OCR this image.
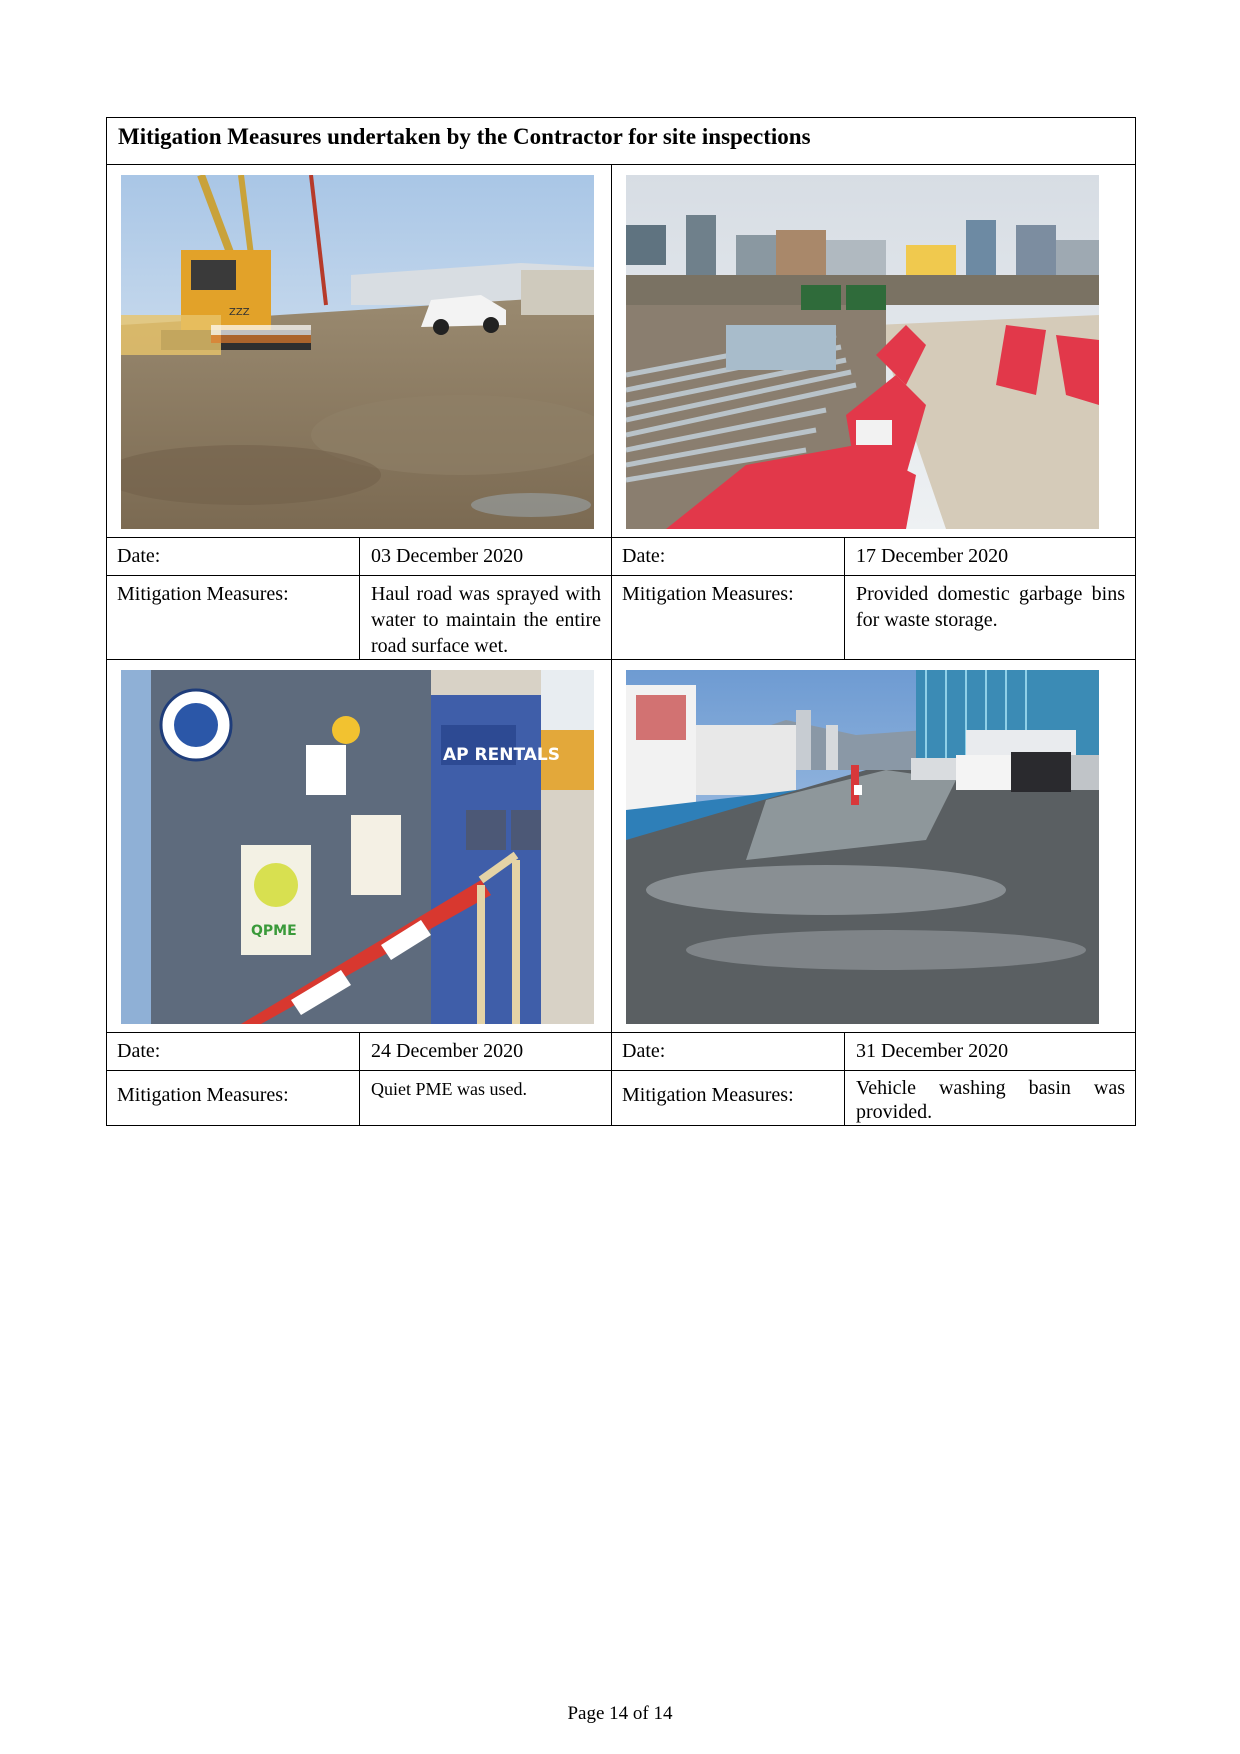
Mitigation Measures undertaken by the Contractor for site inspections			

ZZZ

Date:	03 December 2020	Date:	17 December 2020
Mitigation Measures:	Haul road was sprayed with water to maintain the entire road surface wet.	Mitigation Measures:	Provided domestic garbage bins for waste storage.

AP RENTALS
QPME

Date:	24 December 2020	Date:	31 December 2020
Mitigation Measures:	Quiet PME was used.	Mitigation Measures:	Vehicle washing basin was provided.
Page 14 of 14
